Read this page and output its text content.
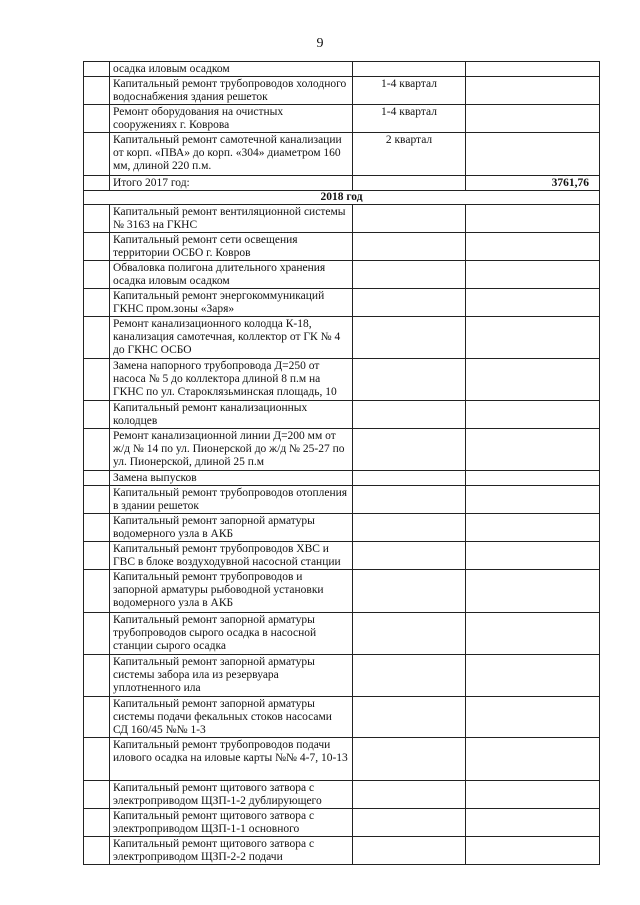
9
	осадка иловым осадком		
	Капитальный ремонт трубопроводов холодного водоснабжения здания решеток	1-4 квартал	
	Ремонт оборудования на очистных сооружениях г. Коврова	1-4 квартал	
	Капитальный ремонт самотечной канализации от корп. «ПВА» до корп. «304» диаметром 160 мм, длиной 220 п.м.	2 квартал	
	Итого 2017 год:		3761,76
2018 год			
	Капитальный ремонт вентиляционной системы № 3163 на ГКНС		
	Капитальный ремонт сети освещения территории ОСБО г. Ковров		
	Обваловка полигона длительного хранения осадка иловым осадком		
	Капитальный ремонт энергокоммуникаций ГКНС пром.зоны «Заря»		
	Ремонт канализационного колодца К-18, канализация самотечная, коллектор от ГК № 4 до ГКНС ОСБО		
	Замена напорного трубопровода Д=250 от насоса № 5 до коллектора длиной 8 п.м на ГКНС по ул. Староклязьминская площадь, 10		
	Капитальный ремонт канализационных колодцев		
	Ремонт канализационной линии Д=200 мм от ж/д № 14 по ул. Пионерской до ж/д № 25-27 по ул. Пионерской, длиной 25 п.м		
	Замена выпусков		
	Капитальный ремонт трубопроводов отопления в здании решеток		
	Капитальный ремонт запорной арматуры водомерного узла в АКБ		
	Капитальный ремонт трубопроводов ХВС и ГВС в блоке воздуходувной насосной станции		
	Капитальный ремонт трубопроводов и запорной арматуры рыбоводной установки водомерного узла в АКБ		
	Капитальный ремонт запорной арматуры трубопроводов сырого осадка в насосной станции сырого осадка		
	Капитальный ремонт запорной арматуры системы забора ила из резервуара уплотненного ила		
	Капитальный ремонт запорной арматуры системы подачи фекальных стоков насосами СД 160/45 №№ 1-3		
	Капитальный ремонт трубопроводов подачи илового осадка на иловые карты №№ 4-7, 10-13		
	Капитальный ремонт щитового затвора с электроприводом ЩЗП-1-2 дублирующего		
	Капитальный ремонт щитового затвора с электроприводом ЩЗП-1-1 основного		
	Капитальный ремонт щитового затвора с электроприводом ЩЗП-2-2 подачи		
